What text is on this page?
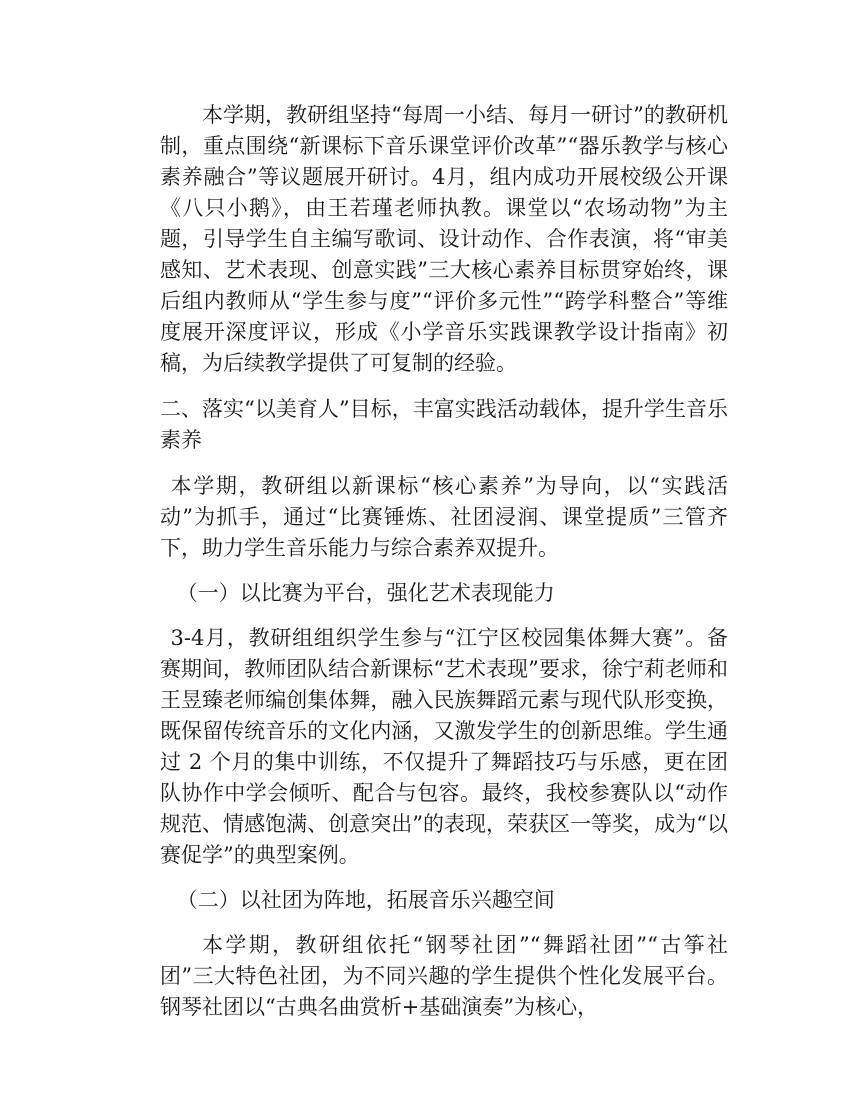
本学期，教研组坚持“每周一小结、每月一研讨”的教研机制，重点围绕“新课标下音乐课堂评价改革”“器乐教学与核心素养融合”等议题展开研讨。4月，组内成功开展校级公开课《八只小鹅》，由王若瑾老师执教。课堂以“农场动物”为主题，引导学生自主编写歌词、设计动作、合作表演，将“审美感知、艺术表现、创意实践”三大核心素养目标贯穿始终，课后组内教师从“学生参与度”“评价多元性”“跨学科整合”等维度展开深度评议，形成《小学音乐实践课教学设计指南》初稿，为后续教学提供了可复制的经验。

二、落实“以美育人”目标，丰富实践活动载体，提升学生音乐素养

本学期，教研组以新课标“核心素养”为导向，以“实践活动”为抓手，通过“比赛锤炼、社团浸润、课堂提质”三管齐下，助力学生音乐能力与综合素养双提升。

（一）以比赛为平台，强化艺术表现能力

3-4月，教研组组织学生参与“江宁区校园集体舞大赛”。备赛期间，教师团队结合新课标“艺术表现”要求，徐宁莉老师和王昱臻老师编创集体舞，融入民族舞蹈元素与现代队形变换，既保留传统音乐的文化内涵，又激发学生的创新思维。学生通过 2 个月的集中训练，不仅提升了舞蹈技巧与乐感，更在团队协作中学会倾听、配合与包容。最终，我校参赛队以“动作规范、情感饱满、创意突出”的表现，荣获区一等奖，成为“以赛促学”的典型案例。

（二）以社团为阵地，拓展音乐兴趣空间

本学期，教研组依托“钢琴社团”“舞蹈社团”“古筝社团”三大特色社团，为不同兴趣的学生提供个性化发展平台。钢琴社团以“古典名曲赏析+基础演奏”为核心，
